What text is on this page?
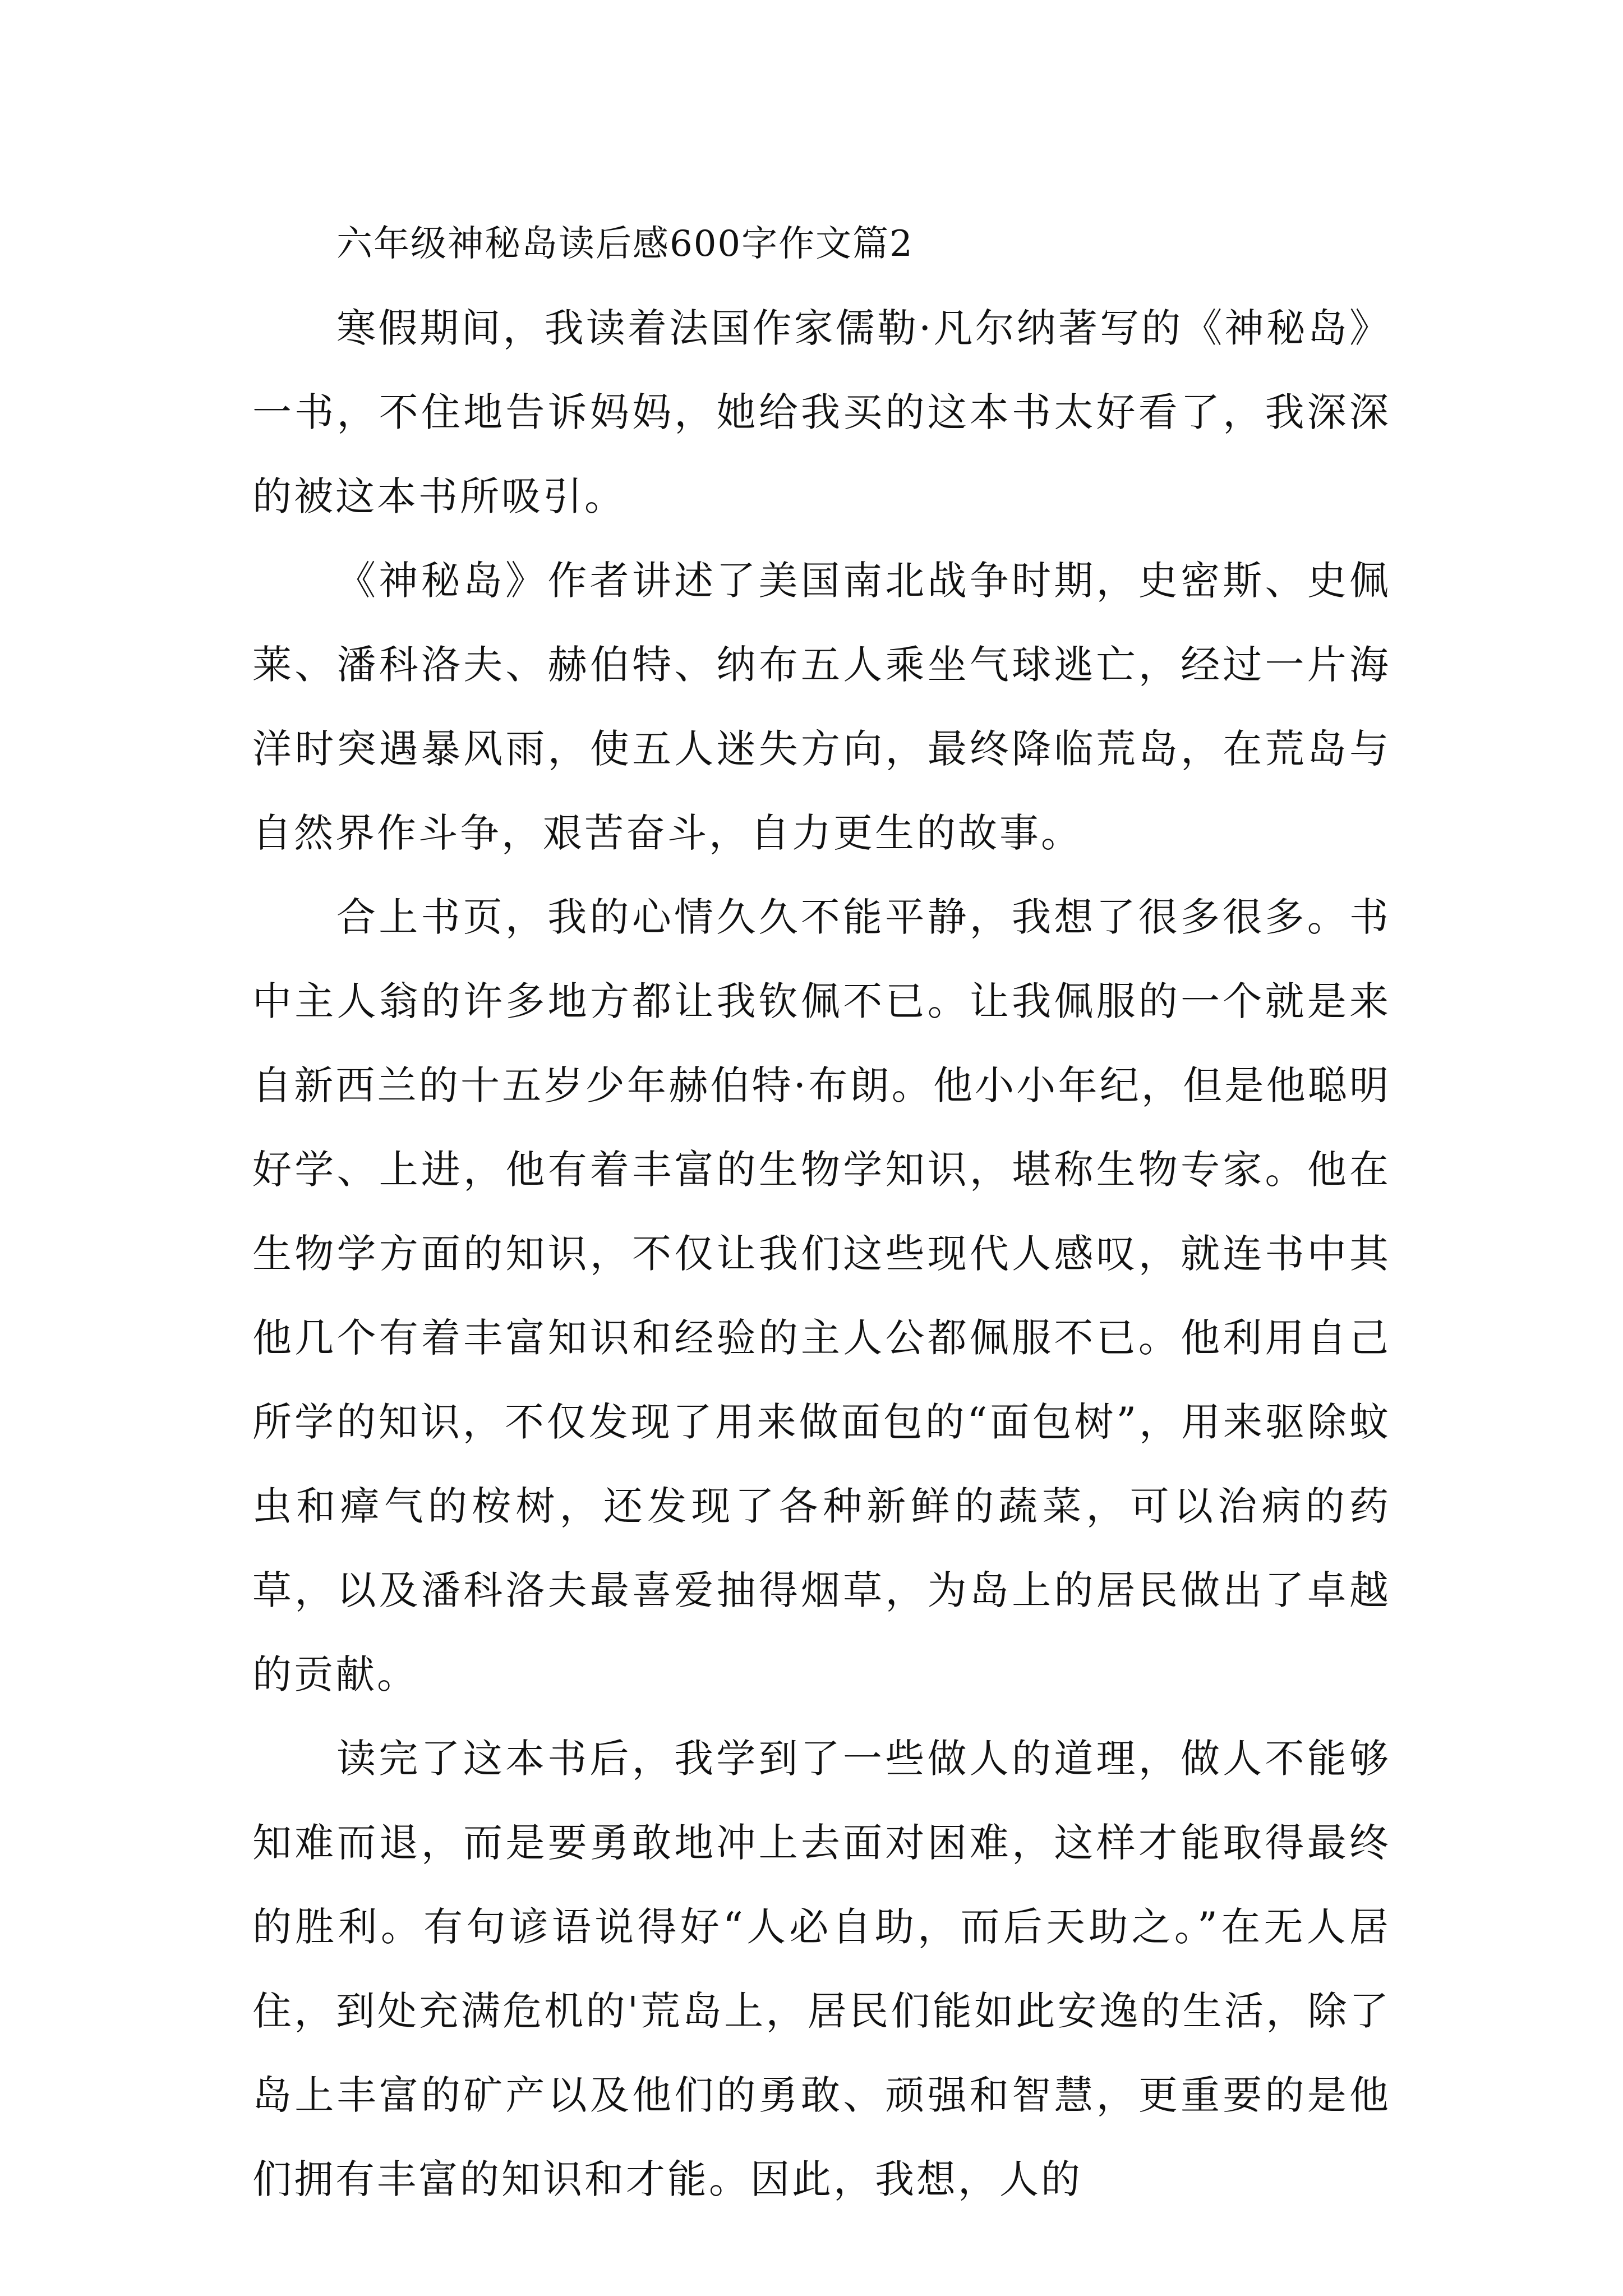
六年级神秘岛读后感600字作文篇2

寒假期间，我读着法国作家儒勒·凡尔纳著写的《神秘岛》一书，不住地告诉妈妈，她给我买的这本书太好看了，我深深的被这本书所吸引。

《神秘岛》作者讲述了美国南北战争时期，史密斯、史佩莱、潘科洛夫、赫伯特、纳布五人乘坐气球逃亡，经过一片海洋时突遇暴风雨，使五人迷失方向，最终降临荒岛，在荒岛与自然界作斗争，艰苦奋斗，自力更生的故事。

合上书页，我的心情久久不能平静，我想了很多很多。书中主人翁的许多地方都让我钦佩不已。让我佩服的一个就是来自新西兰的十五岁少年赫伯特·布朗。他小小年纪，但是他聪明好学、上进，他有着丰富的生物学知识，堪称生物专家。他在生物学方面的知识，不仅让我们这些现代人感叹，就连书中其他几个有着丰富知识和经验的主人公都佩服不已。他利用自己所学的知识，不仅发现了用来做面包的“面包树”，用来驱除蚊虫和瘴气的桉树，还发现了各种新鲜的蔬菜，可以治病的药草，以及潘科洛夫最喜爱抽得烟草，为岛上的居民做出了卓越的贡献。

读完了这本书后，我学到了一些做人的道理，做人不能够知难而退，而是要勇敢地冲上去面对困难，这样才能取得最终的胜利。有句谚语说得好“人必自助，而后天助之。”在无人居住，到处充满危机的'荒岛上，居民们能如此安逸的生活，除了岛上丰富的矿产以及他们的勇敢、顽强和智慧，更重要的是他们拥有丰富的知识和才能。因此，我想，人的
